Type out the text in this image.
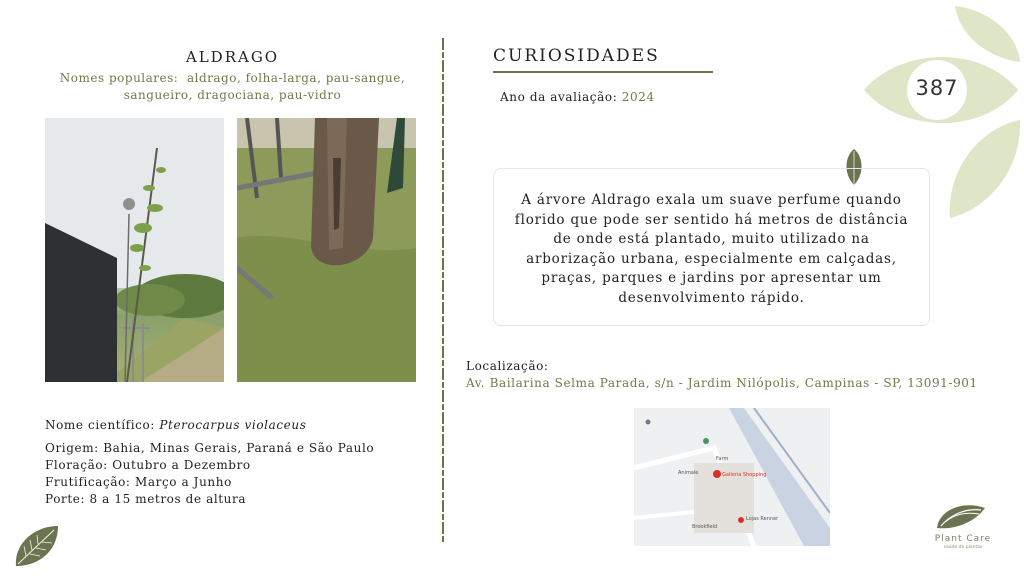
387
ALDRAGO
Nomes populares: aldrago, folha-larga, pau-sangue,
sangueiro, dragociana, pau-vidro
Nome científico: Pterocarpus violaceus
Origem: Bahia, Minas Gerais, Paraná e São Paulo
Floração: Outubro a Dezembro
Frutificação: Março a Junho
Porte: 8 a 15 metros de altura
CURIOSIDADES
Ano da avaliação: 2024
A árvore Aldrago exala um suave perfume quando florido que pode ser sentido há metros de distância de onde está plantado, muito utilizado na arborização urbana, especialmente em calçadas, praças, parques e jardins por apresentar um desenvolvimento rápido.
Localização:
Av. Bailarina Selma Parada, s/n - Jardim Nilópolis, Campinas - SP, 13091-901
Galleria Shopping
Farm
Animale
Lojas Renner
Brookfield
Plant Care
saúde de plantas
